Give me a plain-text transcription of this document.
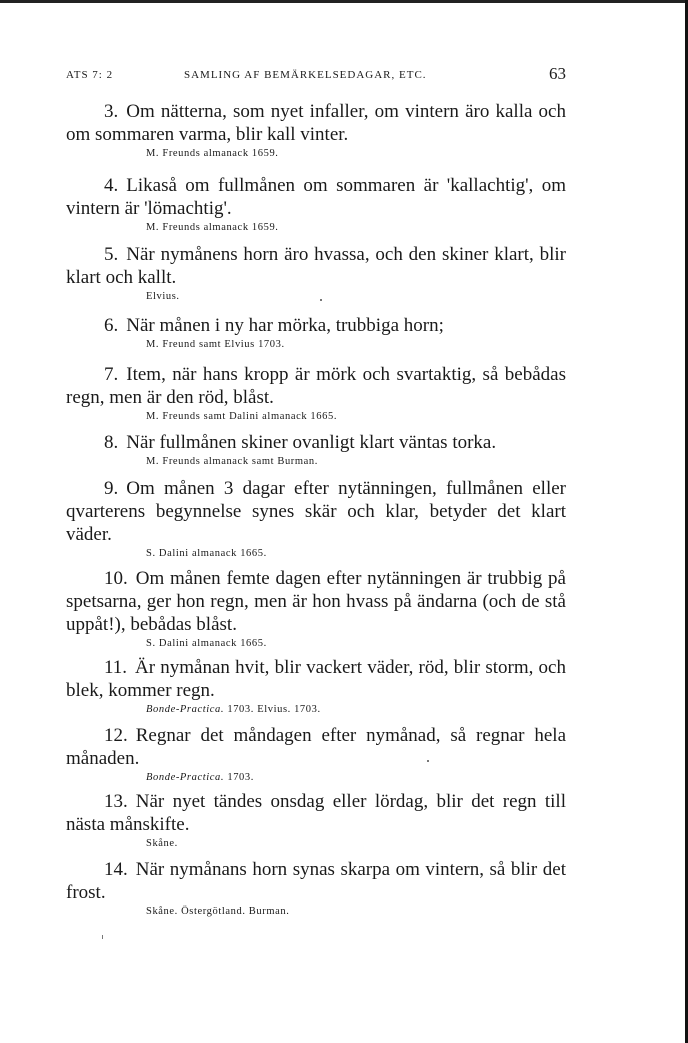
ATS 7: 2	SAMLING AF BEMÄRKELSEDAGAR, ETC.	63
3. Om nätterna, som nyet infaller, om vintern äro kalla och om sommaren varma, blir kall vinter.
M. Freunds almanack 1659.
4. Likaså om fullmånen om sommaren är 'kallachtig', om vintern är 'lömachtig'.
M. Freunds almanack 1659.
5. När nymånens horn äro hvassa, och den skiner klart, blir klart och kallt.
Elvius.
6. När månen i ny har mörka, trubbiga horn;
M. Freund samt Elvius 1703.
7. Item, när hans kropp är mörk och svartaktig, så bebådas regn, men är den röd, blåst.
M. Freunds samt Dalini almanack 1665.
8. När fullmånen skiner ovanligt klart väntas torka.
M. Freunds almanack samt Burman.
9. Om månen 3 dagar efter nytänningen, fullmånen eller qvarterens begynnelse synes skär och klar, betyder det klart väder.
S. Dalini almanack 1665.
10. Om månen femte dagen efter nytänningen är trubbig på spetsarna, ger hon regn, men är hon hvass på ändarna (och de stå uppåt!), bebådas blåst.
S. Dalini almanack 1665.
11. Är nymånan hvit, blir vackert väder, röd, blir storm, och blek, kommer regn.
Bonde-Practica. 1703. Elvius. 1703.
12. Regnar det måndagen efter nymånad, så regnar hela månaden.
Bonde-Practica. 1703.
13. När nyet tändes onsdag eller lördag, blir det regn till nästa månskifte.
Skåne.
14. När nymånans horn synas skarpa om vintern, så blir det frost.
Skåne. Östergötland. Burman.
